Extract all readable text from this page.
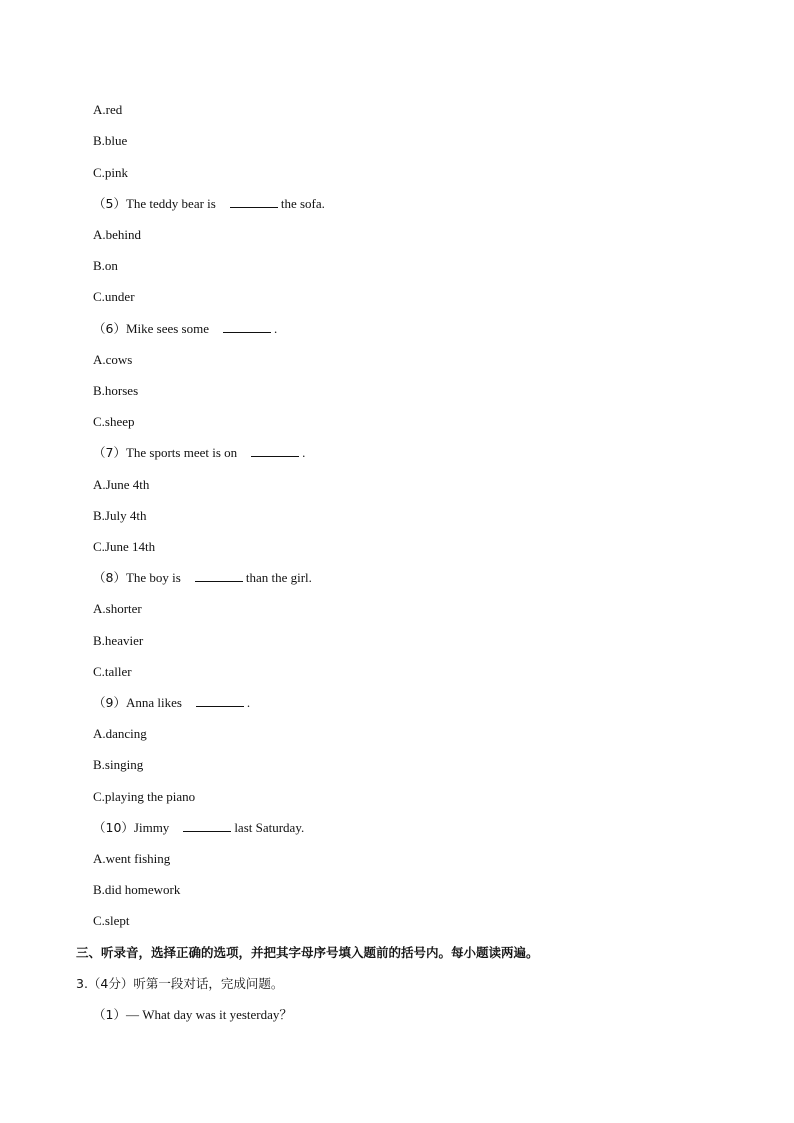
A.red
B.blue
C.pink
（5）The teddy bear is	the sofa.
A.behind
B.on
C.under
（6）Mike sees some	.
A.cows
B.horses
C.sheep
（7）The sports meet is on	.
A.June 4th
B.July 4th
C.June 14th
（8）The boy is	than the girl.
A.shorter
B.heavier
C.taller
（9）Anna likes	.
A.dancing
B.singing
C.playing the piano
（10）Jimmy	last Saturday.
A.went fishing
B.did homework
C.slept
三、听录音，选择正确的选项，并把其字母序号填入题前的括号内。每小题读两遍。
3.（4分）听第一段对话，完成问题。
（1）— What day was it yesterday？
